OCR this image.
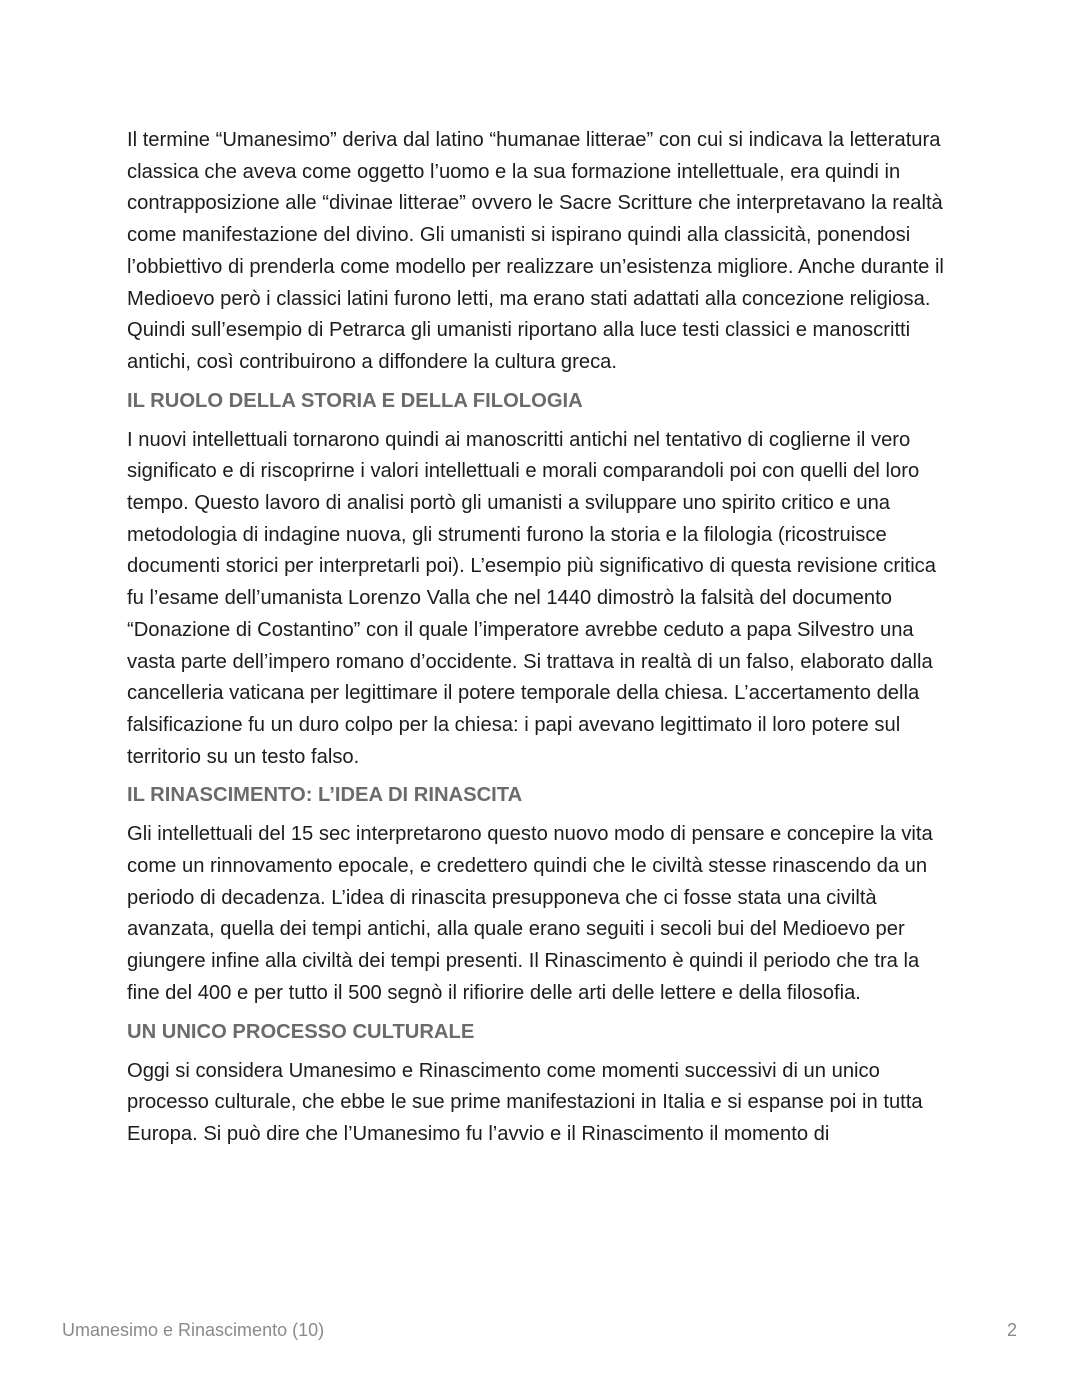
Il termine “Umanesimo” deriva dal latino “humanae litterae” con cui si indicava la letteratura classica che aveva come oggetto l’uomo e la sua formazione intellettuale, era quindi in contrapposizione alle “divinae litterae” ovvero le Sacre Scritture che interpretavano la realtà come manifestazione del divino. Gli umanisti si ispirano quindi alla classicità, ponendosi l’obbiettivo di prenderla come modello per realizzare un’esistenza migliore. Anche durante il Medioevo però i classici latini furono letti, ma erano stati adattati alla concezione religiosa. Quindi sull’esempio di Petrarca gli umanisti riportano alla luce testi classici e manoscritti antichi, così contribuirono a diffondere la cultura greca.

IL RUOLO DELLA STORIA E DELLA FILOLOGIA

I nuovi intellettuali tornarono quindi ai manoscritti antichi nel tentativo di coglierne il vero significato e di riscoprirne i valori intellettuali e morali comparandoli poi con quelli del loro tempo. Questo lavoro di analisi portò gli umanisti a sviluppare uno spirito critico e una metodologia di indagine nuova, gli strumenti furono la storia e la filologia (ricostruisce documenti storici per interpretarli poi). L’esempio più significativo di questa revisione critica fu l’esame dell’umanista Lorenzo Valla che nel 1440 dimostrò la falsità del documento “Donazione di Costantino” con il quale l’imperatore avrebbe ceduto a papa Silvestro una vasta parte dell’impero romano d’occidente. Si trattava in realtà di un falso, elaborato dalla cancelleria vaticana per legittimare il potere temporale della chiesa. L’accertamento della falsificazione fu un duro colpo per la chiesa: i papi avevano legittimato il loro potere sul territorio su un testo falso.

IL RINASCIMENTO: L’IDEA DI RINASCITA

Gli intellettuali del 15 sec interpretarono questo nuovo modo di pensare e concepire la vita come un rinnovamento epocale, e credettero quindi che le civiltà stesse rinascendo da un periodo di decadenza. L’idea di rinascita presupponeva che ci fosse stata una civiltà avanzata, quella dei tempi antichi, alla quale erano seguiti i secoli bui del Medioevo per giungere infine alla civiltà dei tempi presenti. Il Rinascimento è quindi il periodo che tra la fine del 400 e per tutto il 500 segnò il rifiorire delle arti delle lettere e della filosofia.

UN UNICO PROCESSO CULTURALE

Oggi si considera Umanesimo e Rinascimento come momenti successivi di un unico processo culturale, che ebbe le sue prime manifestazioni in Italia e si espanse poi in tutta Europa. Si può dire che l’Umanesimo fu l’avvio e il Rinascimento il momento di

Umanesimo e Rinascimento (10)	2
